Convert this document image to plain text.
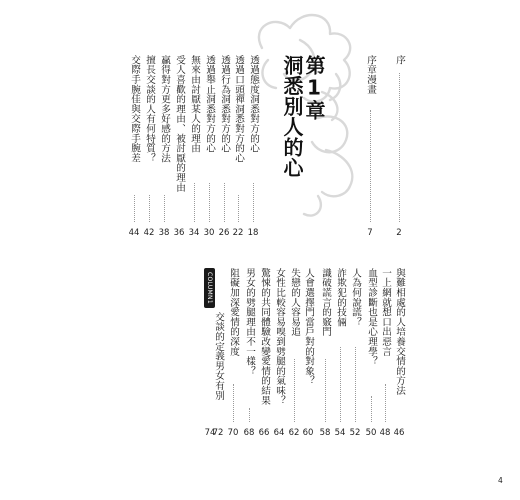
第1章 洞悉別人的心
COLUMN1
序
2
序章漫畫
7
透過態度洞悉對方的心
18
透過口頭禪洞悉對方的心
22
透過行為洞悉對方的心
26
透過舉止洞悉對方的心
30
無來由討厭某人的理由
34
受人喜歡的理由、被討厭的理由
36
贏得對方更多好感的方法
38
擅長交談的人有何特質？
42
交際手腕佳與交際手腕差
44
與難相處的人培養交情的方法
46
一上網就想口出惡言
48
血型診斷也是心理學？
50
人為何說謊？
52
詐欺犯的技倆
54
識破謊言的竅門
58
人會選擇門當戶對的對象？
60
失戀的人容易追
62
女性比較容易嗅到劈腿的氣味？
64
驚悚的共同體驗改變愛情的結果
66
男女的劈腿理由不一樣？
68
阻礙加深愛情的深度
70
交談的定義男女有別
72
74
4
